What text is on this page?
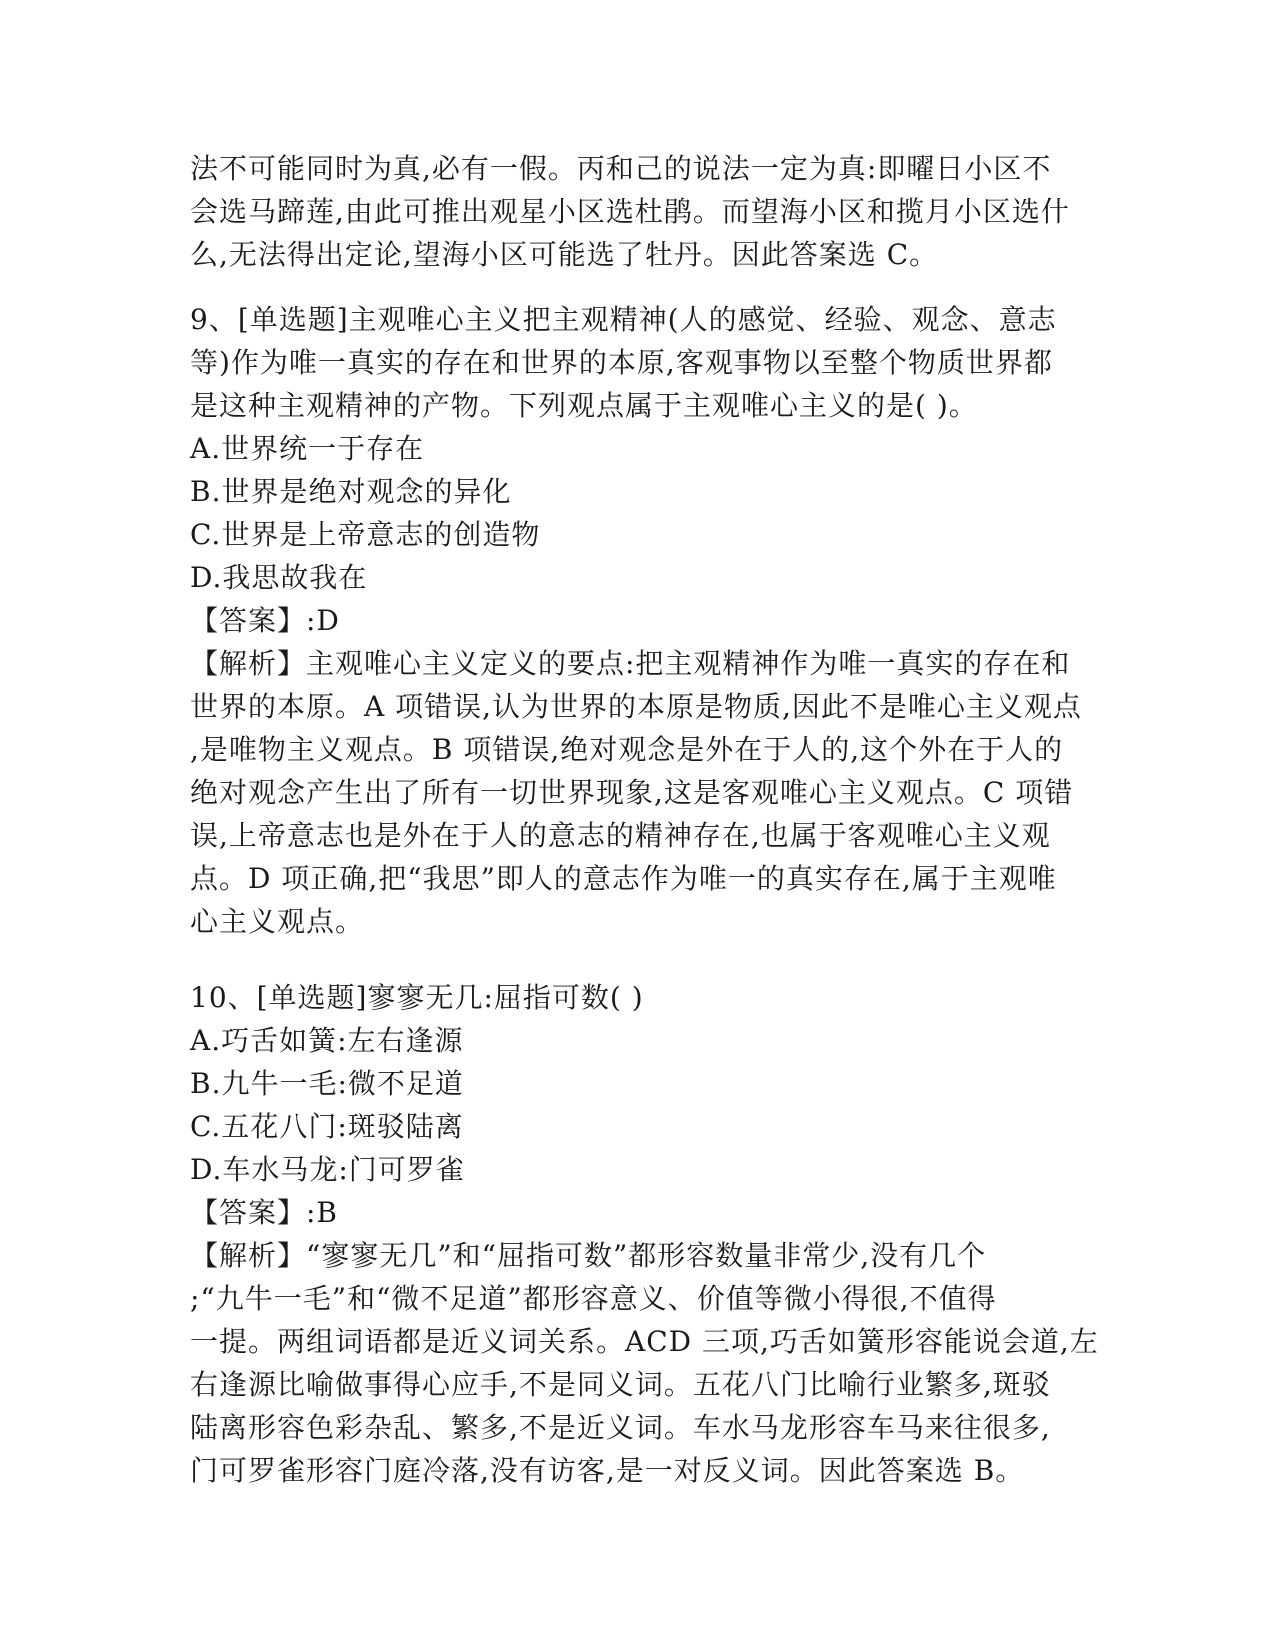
法不可能同时为真,必有一假。丙和己的说法一定为真:即曜日小区不
会选马蹄莲,由此可推出观星小区选杜鹃。而望海小区和揽月小区选什
么,无法得出定论,望海小区可能选了牡丹。因此答案选 C。
9、[单选题]主观唯心主义把主观精神(人的感觉、经验、观念、意志
等)作为唯一真实的存在和世界的本原,客观事物以至整个物质世界都
是这种主观精神的产物。下列观点属于主观唯心主义的是( )。
A.世界统一于存在
B.世界是绝对观念的异化
C.世界是上帝意志的创造物
D.我思故我在
【答案】:D
【解析】主观唯心主义定义的要点:把主观精神作为唯一真实的存在和
世界的本原。A 项错误,认为世界的本原是物质,因此不是唯心主义观点
,是唯物主义观点。B 项错误,绝对观念是外在于人的,这个外在于人的
绝对观念产生出了所有一切世界现象,这是客观唯心主义观点。C 项错
误,上帝意志也是外在于人的意志的精神存在,也属于客观唯心主义观
点。D 项正确,把“我思”即人的意志作为唯一的真实存在,属于主观唯
心主义观点。
10、[单选题]寥寥无几:屈指可数( )
A.巧舌如簧:左右逢源
B.九牛一毛:微不足道
C.五花八门:斑驳陆离
D.车水马龙:门可罗雀
【答案】:B
【解析】“寥寥无几”和“屈指可数”都形容数量非常少,没有几个
;“九牛一毛”和“微不足道”都形容意义、价值等微小得很,不值得
一提。两组词语都是近义词关系。ACD 三项,巧舌如簧形容能说会道,左
右逢源比喻做事得心应手,不是同义词。五花八门比喻行业繁多,斑驳
陆离形容色彩杂乱、繁多,不是近义词。车水马龙形容车马来往很多,
门可罗雀形容门庭冷落,没有访客,是一对反义词。因此答案选 B。
